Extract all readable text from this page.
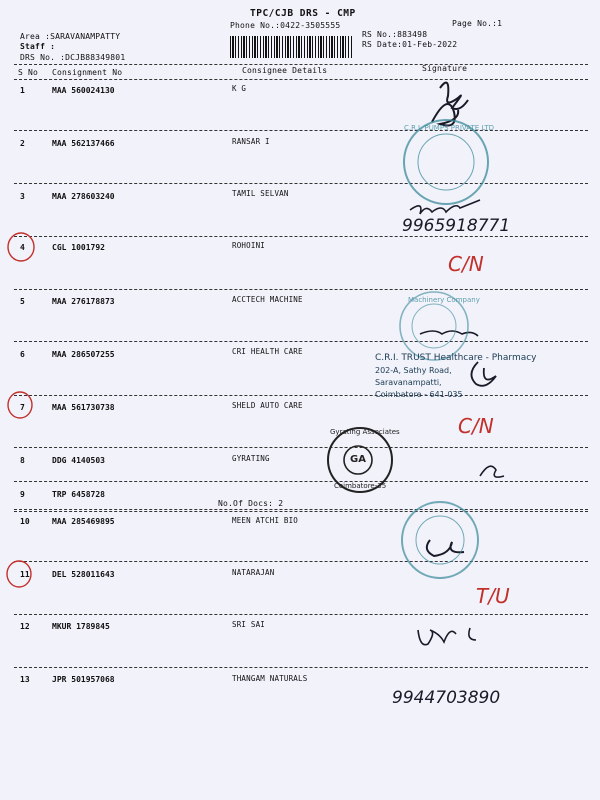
TPC/CJB DRS - CMP
Phone No.:0422-3505555	Page No.:1
Area :SARAVANAMPATTY
Staff :
DRS No. :DCJB88349801
RS No.:883498
RS Date:01-Feb-2022
S No Consignment No	Consignee Details	Signature
1	MAA 560024130	K G
2	MAA 562137466	RANSAR I
3	MAA 278603240	TAMIL SELVAN
4	CGL 1001792	ROHOINI
5	MAA 276178873	ACCTECH MACHINE
6	MAA 286507255	CRI HEALTH CARE
7	MAA 561730738	SHELD AUTO CARE
8	DDG 4140503	GYRATING
9	TRP 6458728
No.Of Docs: 2
10	MAA 285469895	MEEN ATCHI BIO
11	DEL 528011643	NATARAJAN
12	MKUR 1789845	SRI SAI
13	JPR 501957068	THANGAM NATURALS
C.R.I. PUMPS PRIVATE LTD
Machinery Company
Gyrating Associates
GA
Coimbatore-35
C.R.I. TRUST Healthcare - Pharmacy
202-A, Sathy Road,
Saravanampatti,
Coimbatore - 641 035
9965918771
C/N
C/N
T/U
9944703890
